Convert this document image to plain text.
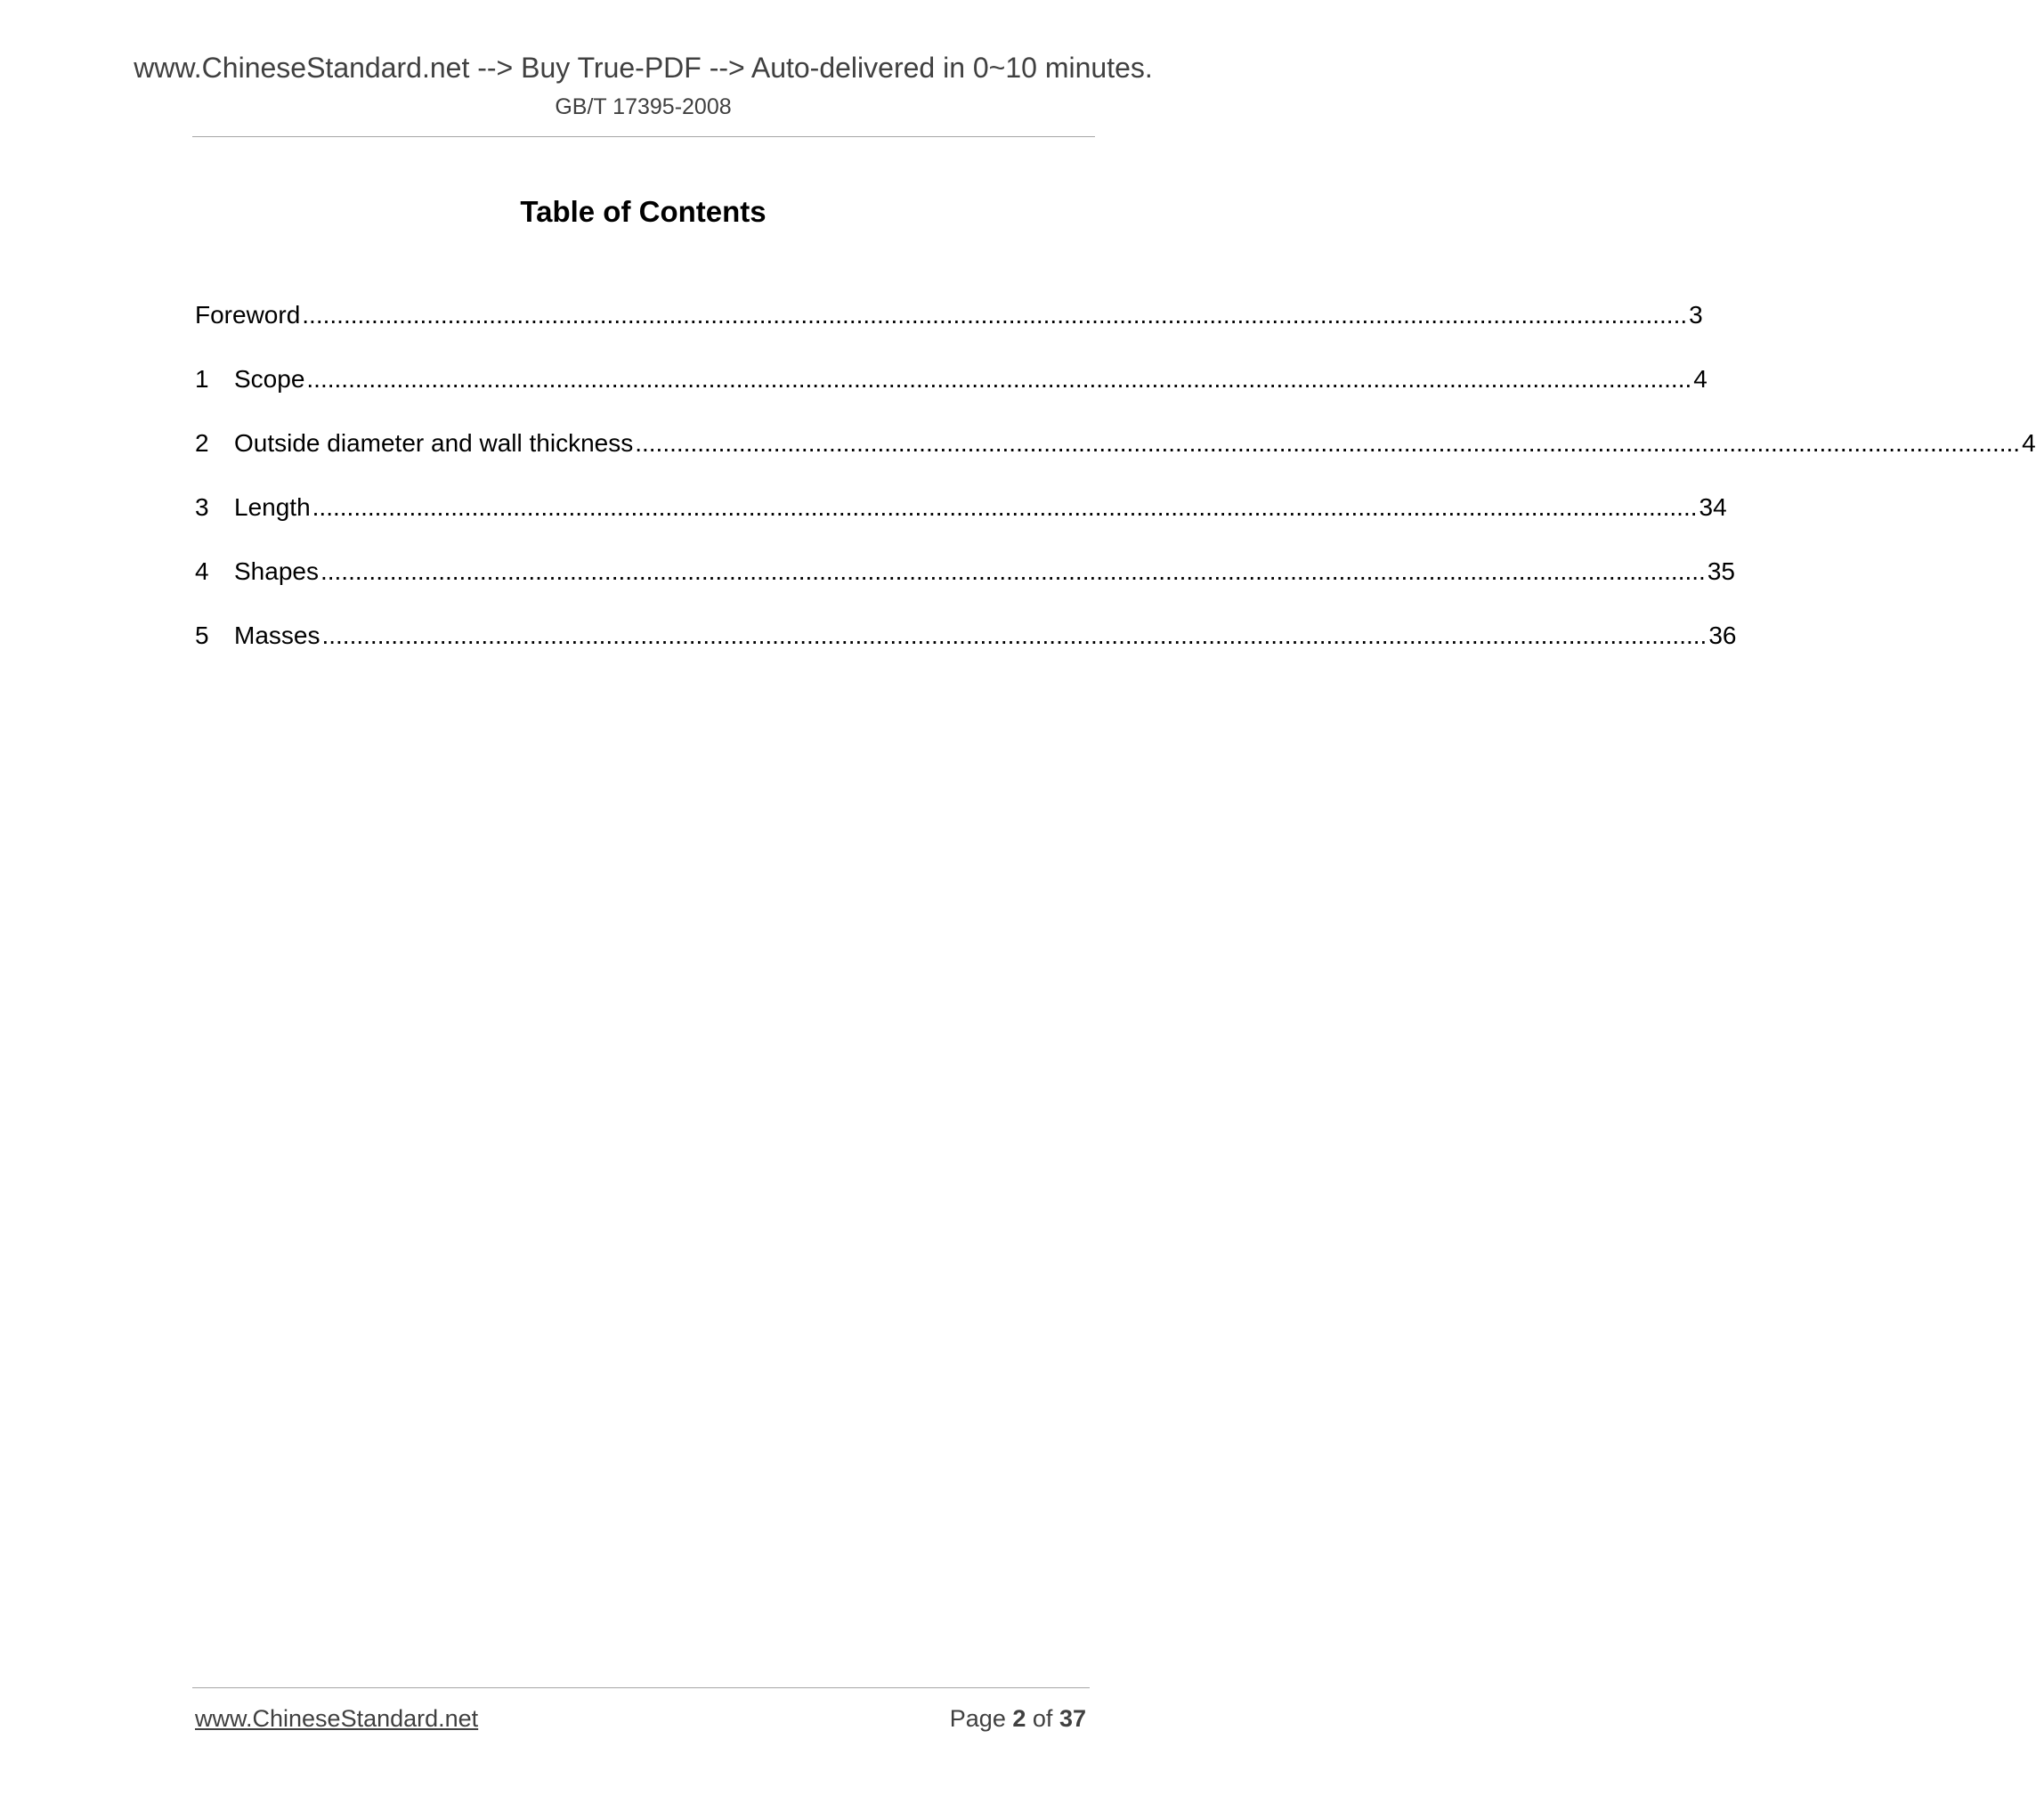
www.ChineseStandard.net --> Buy True-PDF --> Auto-delivered in 0~10 minutes.
GB/T 17395-2008
Table of Contents
Foreword ........................................................................................................................................................................................................ 3
1	Scope ........................................................................................................................................................................................................ 4
2	Outside diameter and wall thickness ........................................................................................................................................................................................................ 4
3	Length ........................................................................................................................................................................................................ 34
4	Shapes ........................................................................................................................................................................................................ 35
5	Masses ........................................................................................................................................................................................................ 36
www.ChineseStandard.net	Page 2 of 37
